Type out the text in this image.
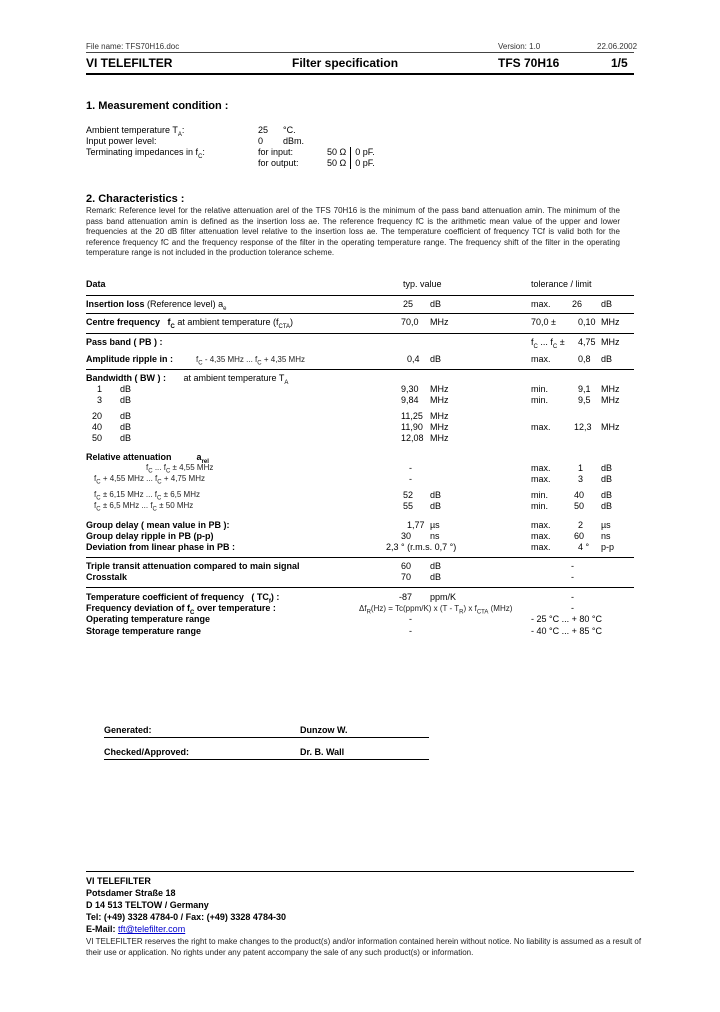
File name: TFS70H16.doc	Version: 1.0	22.06.2002
VI TELEFILTER	Filter specification	TFS 70H16	1/5
1. Measurement condition :
Ambient temperature $T_A$:	25 °C.
Input power level:	0 dBm.
Terminating impedances in $f_C$:	for input:	50 Ω 0 pF.
for output:	50 Ω 0 pF.
2. Characteristics :
Remark: Reference level for the relative attenuation arel of the TFS 70H16 is the minimum of the pass band attenuation amin. The minimum of the pass band attenuation amin is defined as the insertion loss ae. The reference frequency fC is the arithmetic mean value of the upper and lower frequencies at the 20 dB filter attenuation level relative to the insertion loss ae. The temperature coefficient of frequency TCf is valid both for the reference frequency fC and the frequency response of the filter in the operating temperature range. The frequency shift of the filter in the operating temperature range is not included in the production tolerance scheme.
Data	typ. value	tolerance / limit
Insertion loss (Reference level) $a_e$	25 dB	max. 26 dB
Centre frequency $f_C$ at ambient temperature $(f_{CTA})$	70,0 MHz	70,0 ± 0,10 MHz
Pass band ( PB ) :	$f_C$ ... $f_C \pm 4,75$ MHz
Amplitude ripple in :	$f_C - 4,35$ MHz ... $f_C + 4,35$ MHz	0,4 dB	max.	0,8 dB
Bandwidth ( BW ) : at ambient temperature $T_A$
1 dB	9,30 MHz	min.	9,1 MHz
3 dB	9,84 MHz	min.	9,5 MHz
20 dB	11,25 MHz
40 dB	11,90 MHz	max.	12,3 MHz
50 dB	12,08 MHz
Relative attenuation	$a_{rel}$
$f_C$ ... $f_C \pm 4,55$ MHz	-	max.	1 dB
$f_C + 4,55$ MHz ... $f_C + 4,75$ MHz	-	max.	3 dB
$f_C \pm 6,15$ MHz ... $f_C \pm 6,5$ MHz	52 dB	min.	40 dB
$f_C \pm 6,5$ MHz ... $f_C \pm 50$ MHz	55 dB	min.	50 dB
Group delay ( mean value in PB ):	1,77 µs	max.	2 µs
Group delay ripple in PB (p-p)	30 ns	max.	60 ns
Deviation from linear phase in PB :	2,3 ° (r.m.s. 0,7 °)	max.	4 ° p-p
Triple transit attenuation compared to main signal	60 dB	-
Crosstalk	70 dB	-
Temperature coefficient of frequency ( $TC_f$) :	-87 ppm/K	-
Frequency deviation of $f_C$ over temperature :	$\Delta f_R(Hz) = Tc(ppm/K)$ x $(T - T_R)$ x $f_{CTA}$ (MHz)	-
Operating temperature range	-	- 25 °C ... + 80 °C
Storage temperature range	-	- 40 °C ... + 85 °C
Generated:	Dunzow W.
Checked/Approved:	Dr. B. Wall
VI TELEFILTER
Potsdamer Straße 18
D 14 513 TELTOW / Germany
Tel: (+49) 3328 4784-0 / Fax: (+49) 3328 4784-30
E-Mail: tft@telefilter.com
VI TELEFILTER reserves the right to make changes to the product(s) and/or information contained herein without notice. No liability is assumed as a result of
their use or application. No rights under any patent accompany the sale of any such product(s) or information.
